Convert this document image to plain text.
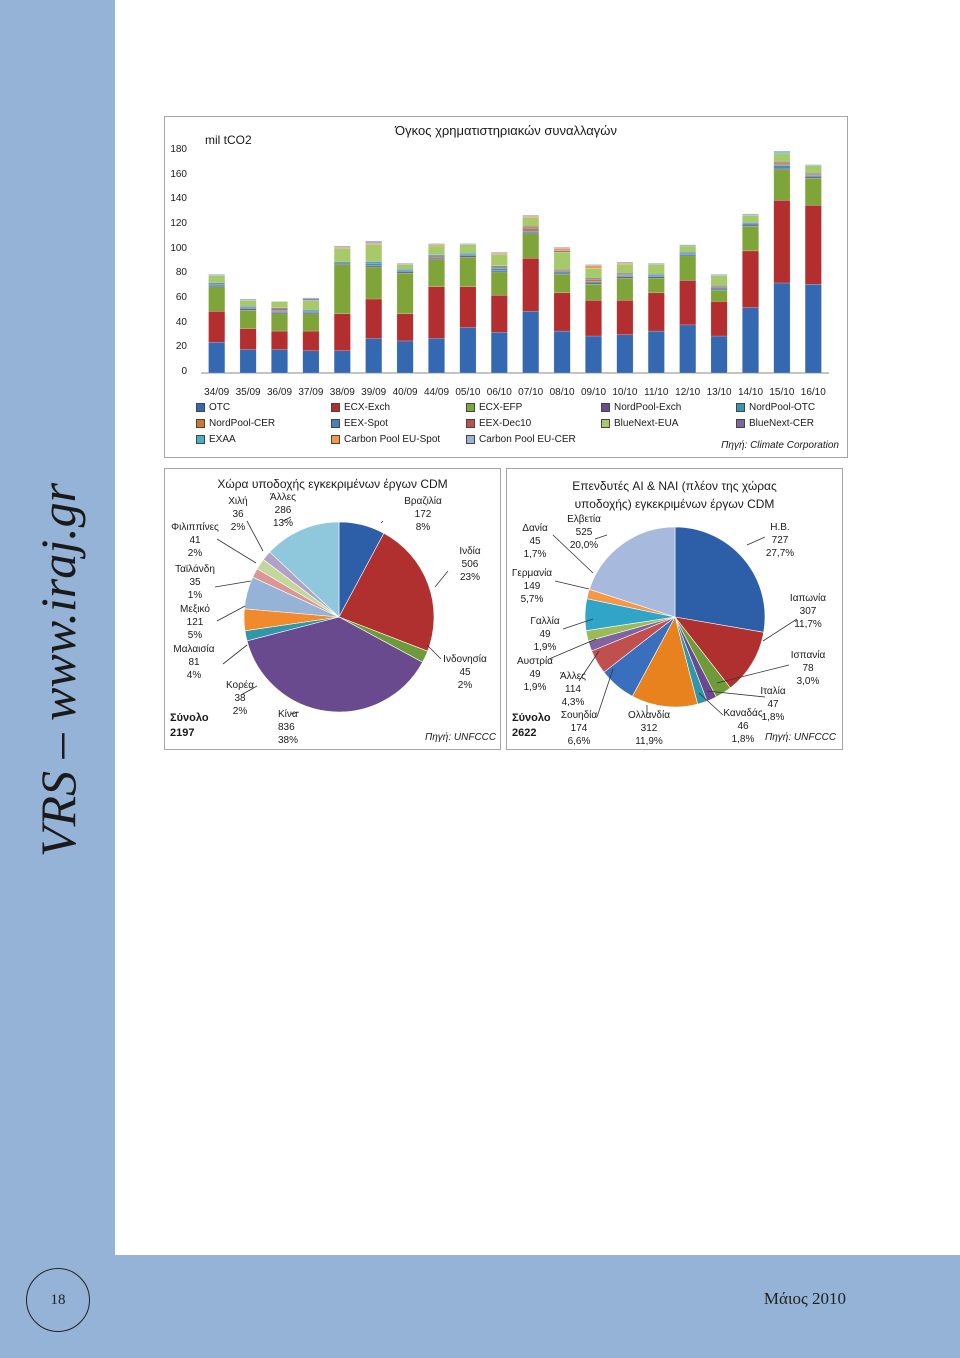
VRS – www.iraj.gr
18	Μάιος 2010
Όγκος χρηματιστηριακών συναλλαγών
mil tCO2
34/09 35/09 36/09 37/09 38/09 39/09 40/09 44/09 05/10 06/10 07/10 08/10 09/10 10/10 11/10 12/10 13/10 14/10 15/10 16/10
Πηγή: Climate Corporation
OTC	ECX-Exch	ECX-EFP	NordPool-Exch	NordPool-OTC
NordPool-CER	EEX-Spot	EEX-Dec10	BlueNext-EUA	BlueNext-CER
EXAA	Carbon Pool EU-Spot	Carbon Pool EU-CER
180
160
140
120
100
80
60
40
20
0
Χώρα υποδοχής εγκεκριμένων έργων CDM
Βραζιλία
172
8%
Ινδία
506
23%
Ινδονησία
45
2%
Κίνα
836
38%
Κορέα
38
2%
Μαλαισία
81
4%
Μεξικό
121
5%
Ταϊλάνδη
35
1%
Φιλιππίνες
41
2%
Χιλή
36
2%
Άλλες
286
13%
Σύνολο
2197	Πηγή: UNFCCC
Επενδυτές AI & NAI (πλέον της χώρας
υποδοχής) εγκεκριμένων έργων CDM
Η.Β.
727
27,7%
Ιαπωνία
307
11,7%
Ισπανία
78
3,0%
Ιταλία
47
1,8%
Καναδάς
46
1,8%
Ολλανδία
312
11,9%
Σουηδία
174
6,6%
Άλλες
114
4,3%
Αυστρία
49
1,9%
Γαλλία
49
1,9%
Γερμανία
149
5,7%
Δανία
45
1,7%
Ελβετία
525
20,0%
Σύνολο
2622	Πηγή: UNFCCC
